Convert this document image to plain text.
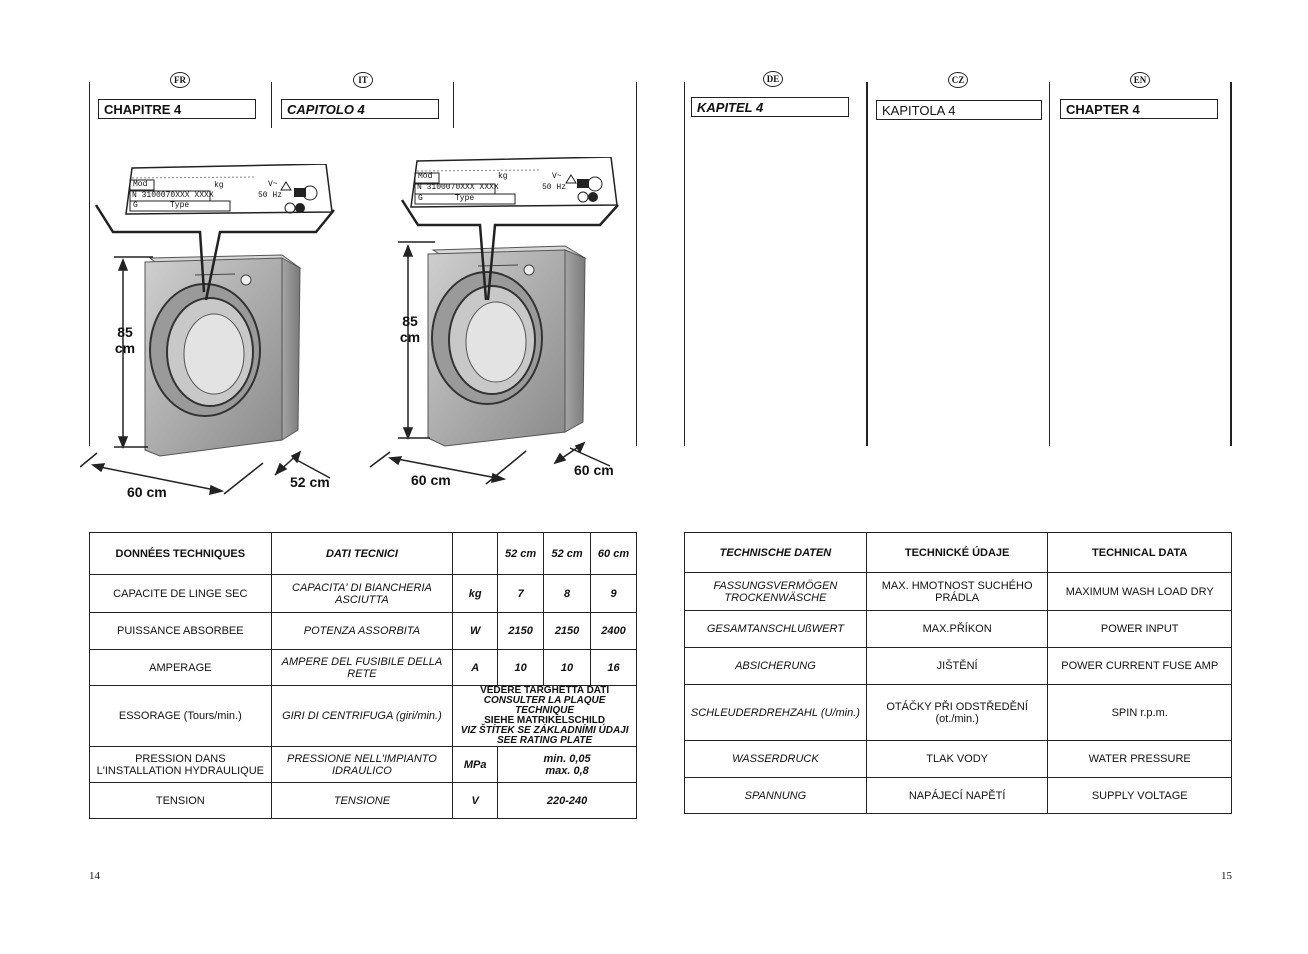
FR	IT
CHAPITRE 4	CAPITOLO 4
Mod
N 3100070XXX XXXX
G	Type
kg
50 Hz
V~
Mod
N 3100070XXX XXXX
G	Type
kg
50 Hz
V~
85
cm
85
cm
60 cm
52 cm	60 cm
60 cm
DONNÉES TECHNIQUES	DATI TECNICI		52 cm	52 cm	60 cm
CAPACITE DE LINGE SEC	CAPACITA' DI BIANCHERIA ASCIUTTA	kg	7	8	9
PUISSANCE ABSORBEE	POTENZA ASSORBITA	W	2150	2150	2400
AMPERAGE	AMPERE DEL FUSIBILE DELLA RETE	A	10	10	16
ESSORAGE (Tours/min.)	GIRI DI CENTRIFUGA (giri/min.)	VEDERE TARGHETTA DATI
CONSULTER LA PLAQUE TECHNIQUE
SIEHE MATRIKELSCHILD
VIZ ŠTÍTEK SE ZÁKLADNÍMI ÚDAJI
SEE RATING PLATE			

PRESSION DANS L'INSTALLATION HYDRAULIQUE	PRESSIONE NELL'IMPIANTO IDRAULICO	MPa	min. 0,05
max. 0,8		

TENSION	TENSIONE	V	220-240		
14
DE	CZ	EN
KAPITEL 4	KAPITOLA 4	CHAPTER 4
TECHNISCHE DATEN	TECHNICKÉ ÚDAJE	TECHNICAL DATA
FASSUNGSVERMÖGEN TROCKENWÄSCHE	MAX. HMOTNOST SUCHÉHO PRÁDLA	MAXIMUM WASH LOAD DRY
GESAMTANSCHLUßWERT	MAX.PŘÍKON	POWER INPUT
ABSICHERUNG	JIŠTĚNÍ	POWER CURRENT FUSE AMP
SCHLEUDERDREHZAHL (U/min.)	OTÁČKY PŘI ODSTŘEDĚNÍ (ot./min.)	SPIN r.p.m.
WASSERDRUCK	TLAK VODY	WATER PRESSURE
SPANNUNG	NAPÁJECÍ NAPĚTÍ	SUPPLY VOLTAGE
15
